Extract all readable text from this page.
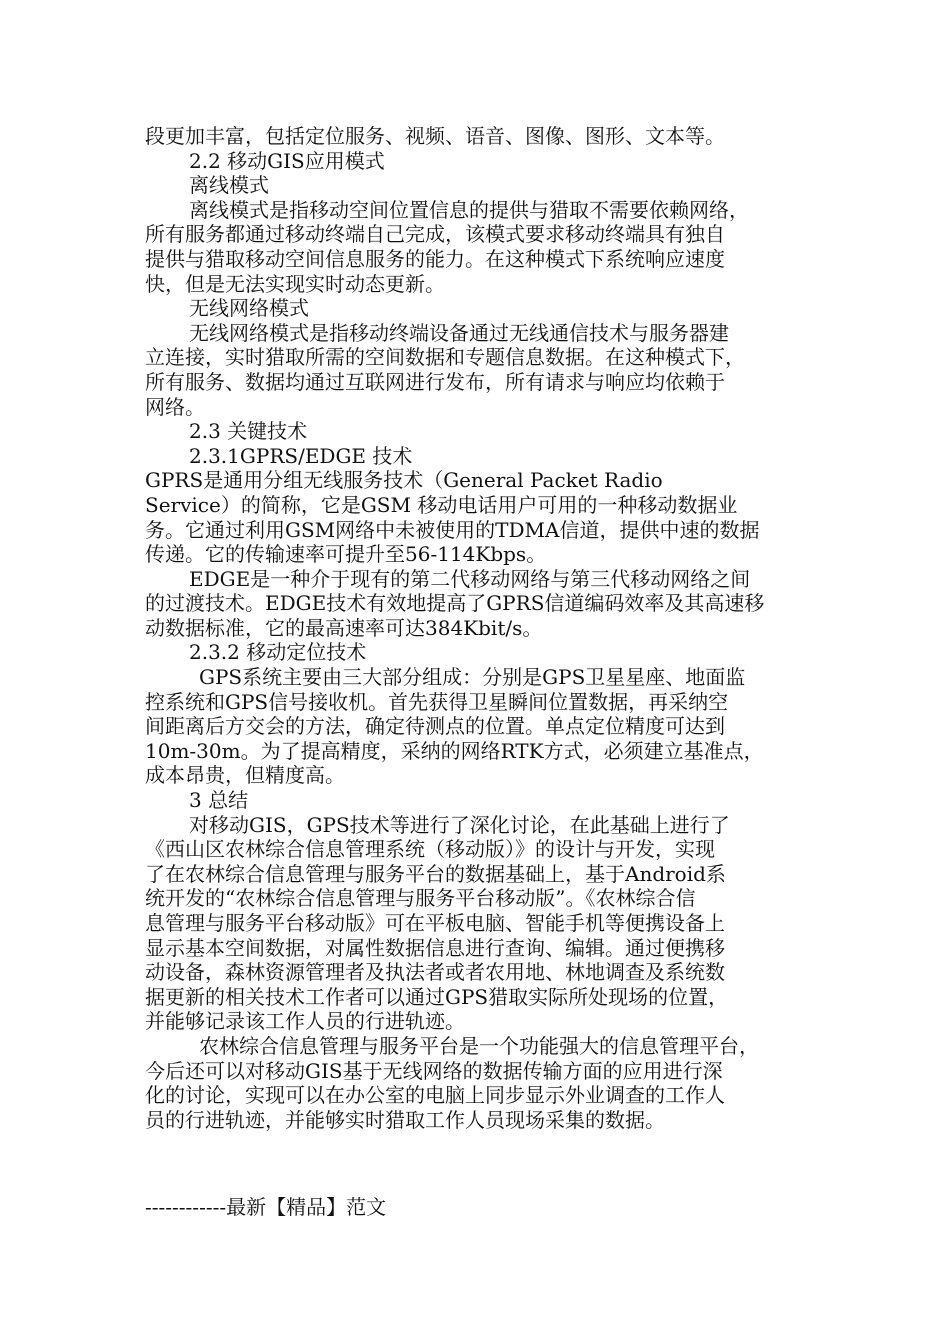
段更加丰富，包括定位服务、视频、语音、图像、图形、文本等。
2.2 移动GIS应用模式
离线模式
离线模式是指移动空间位置信息的提供与猎取不需要依赖网络，
所有服务都通过移动终端自己完成，该模式要求移动终端具有独自
提供与猎取移动空间信息服务的能力。在这种模式下系统响应速度
快，但是无法实现实时动态更新。
无线网络模式
无线网络模式是指移动终端设备通过无线通信技术与服务器建
立连接，实时猎取所需的空间数据和专题信息数据。在这种模式下，
所有服务、数据均通过互联网进行发布，所有请求与响应均依赖于
网络。
2.3 关键技术
2.3.1GPRS/EDGE 技术
GPRS是通用分组无线服务技术（General Packet Radio
Service）的简称，它是GSM 移动电话用户可用的一种移动数据业
务。它通过利用GSM网络中未被使用的TDMA信道，提供中速的数据
传递。它的传输速率可提升至56-114Kbps。
EDGE是一种介于现有的第二代移动网络与第三代移动网络之间
的过渡技术。EDGE技术有效地提高了GPRS信道编码效率及其高速移
动数据标准，它的最高速率可达384Kbit/s。
2.3.2 移动定位技术
GPS系统主要由三大部分组成：分别是GPS卫星星座、地面监
控系统和GPS信号接收机。首先获得卫星瞬间位置数据，再采纳空
间距离后方交会的方法，确定待测点的位置。单点定位精度可达到
10m-30m。为了提高精度，采纳的网络RTK方式，必须建立基准点，
成本昂贵，但精度高。
3 总结
对移动GIS，GPS技术等进行了深化讨论，在此基础上进行了
《西山区农林综合信息管理系统（移动版）》的设计与开发，实现
了在农林综合信息管理与服务平台的数据基础上，基于Android系
统开发的“农林综合信息管理与服务平台移动版”。《农林综合信
息管理与服务平台移动版》可在平板电脑、智能手机等便携设备上
显示基本空间数据，对属性数据信息进行查询、编辑。通过便携移
动设备，森林资源管理者及执法者或者农用地、林地调查及系统数
据更新的相关技术工作者可以通过GPS猎取实际所处现场的位置，
并能够记录该工作人员的行进轨迹。
农林综合信息管理与服务平台是一个功能强大的信息管理平台，
今后还可以对移动GIS基于无线网络的数据传输方面的应用进行深
化的讨论，实现可以在办公室的电脑上同步显示外业调查的工作人
员的行进轨迹，并能够实时猎取工作人员现场采集的数据。
------------最新【精品】范文
